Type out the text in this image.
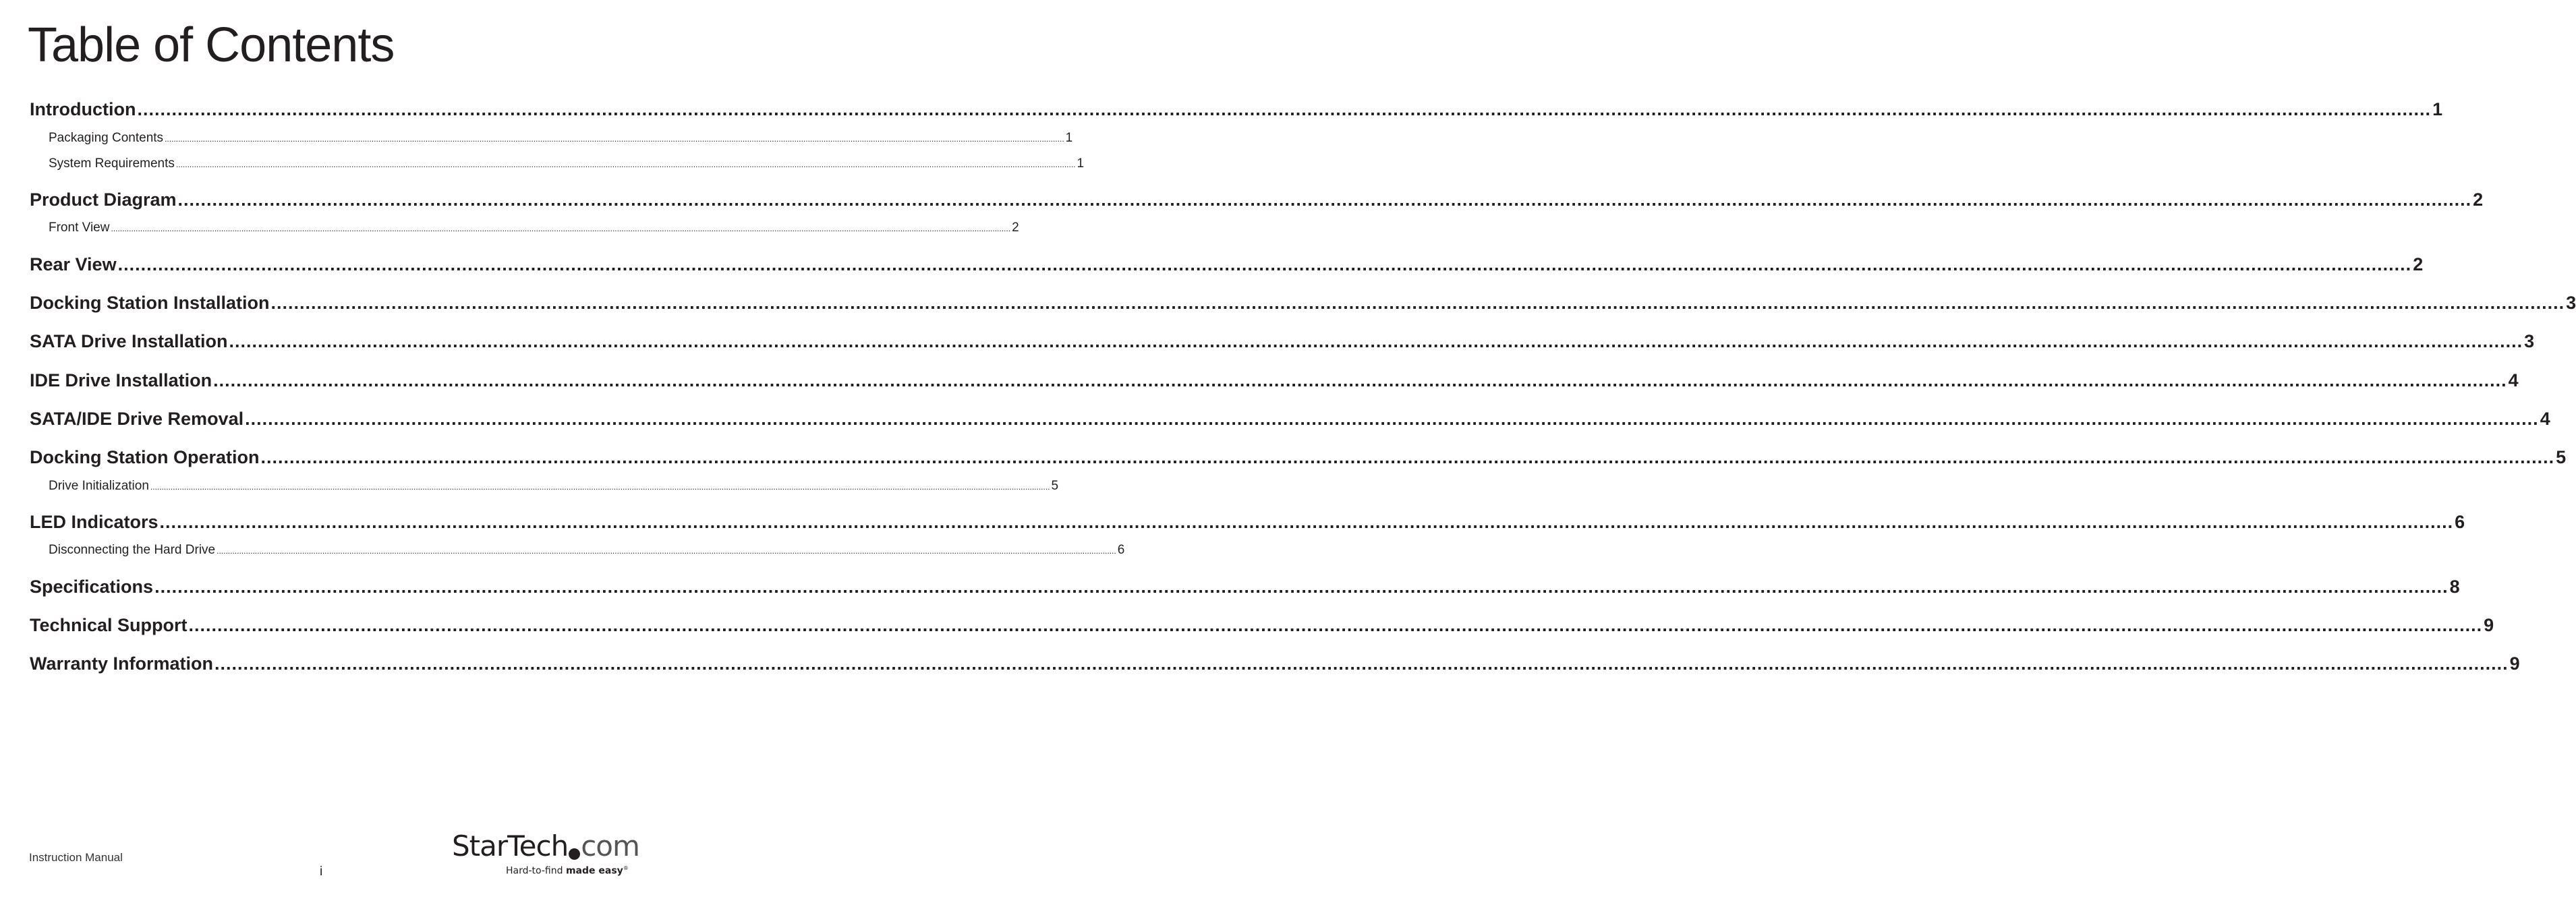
Table of Contents
Introduction ................................................................................................................................................................................................................................................................................................................................................................................................................ 1
Packaging Contents ................................................................................................................................................................................................................................................................................................................................................................................................................ 1
System Requirements ................................................................................................................................................................................................................................................................................................................................................................................................................ 1
Product Diagram ................................................................................................................................................................................................................................................................................................................................................................................................................ 2
Front View ................................................................................................................................................................................................................................................................................................................................................................................................................ 2
Rear View ................................................................................................................................................................................................................................................................................................................................................................................................................ 2
Docking Station Installation ................................................................................................................................................................................................................................................................................................................................................................................................................ 3
SATA Drive Installation ................................................................................................................................................................................................................................................................................................................................................................................................................ 3
IDE Drive Installation ................................................................................................................................................................................................................................................................................................................................................................................................................ 4
SATA/IDE Drive Removal ................................................................................................................................................................................................................................................................................................................................................................................................................ 4
Docking Station Operation ................................................................................................................................................................................................................................................................................................................................................................................................................ 5
Drive Initialization ................................................................................................................................................................................................................................................................................................................................................................................................................ 5
LED Indicators ................................................................................................................................................................................................................................................................................................................................................................................................................ 6
Disconnecting the Hard Drive ................................................................................................................................................................................................................................................................................................................................................................................................................ 6
Specifications ................................................................................................................................................................................................................................................................................................................................................................................................................ 8
Technical Support ................................................................................................................................................................................................................................................................................................................................................................................................................ 9
Warranty Information ................................................................................................................................................................................................................................................................................................................................................................................................................ 9
Instruction Manual
i
StarTech com
Hard-to-find made easy®
